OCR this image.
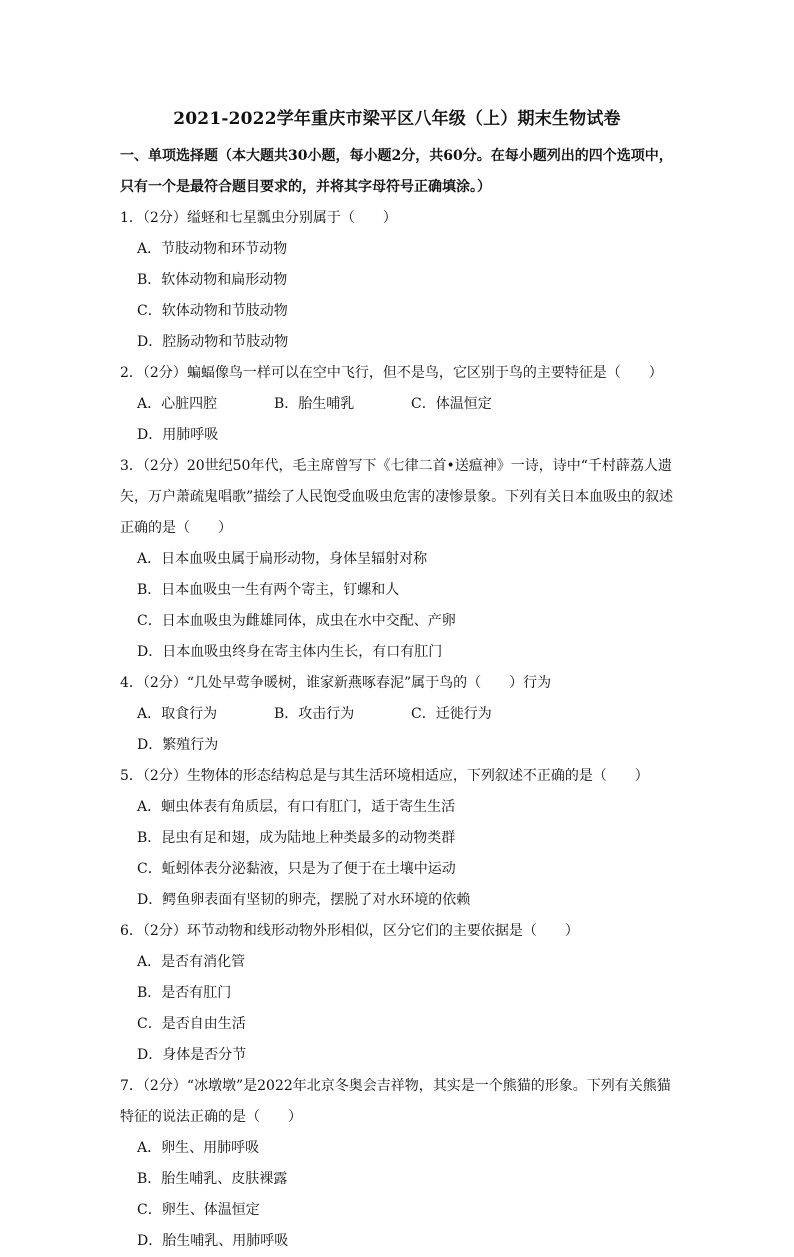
2021-2022学年重庆市梁平区八年级（上）期末生物试卷
一、单项选择题（本大题共30小题，每小题2分，共60分。在每小题列出的四个选项中，只有一个是最符合题目要求的，并将其字母符号正确填涂。）
1．（2分）缢蛏和七星瓢虫分别属于（　　）
A．节肢动物和环节动物
B．软体动物和扁形动物
C．软体动物和节肢动物
D．腔肠动物和节肢动物
2．（2分）蝙蝠像鸟一样可以在空中飞行，但不是鸟，它区别于鸟的主要特征是（　　）
A．心脏四腔	B．胎生哺乳	C．体温恒定
D．用肺呼吸
3．（2分）20世纪50年代，毛主席曾写下《七律二首•送瘟神》一诗，诗中“千村薜荔人遗矢，万户萧疏鬼唱歌”描绘了人民饱受血吸虫危害的凄惨景象。下列有关日本血吸虫的叙述正确的是（　　）
A．日本血吸虫属于扁形动物，身体呈辐射对称
B．日本血吸虫一生有两个寄主，钉螺和人
C．日本血吸虫为雌雄同体，成虫在水中交配、产卵
D．日本血吸虫终身在寄主体内生长，有口有肛门
4．（2分）“几处早莺争暖树，谁家新燕啄春泥”属于鸟的（　　）行为
A．取食行为	B．攻击行为	C．迁徙行为
D．繁殖行为
5．（2分）生物体的形态结构总是与其生活环境相适应，下列叙述不正确的是（　　）
A．蛔虫体表有角质层，有口有肛门，适于寄生生活
B．昆虫有足和翅，成为陆地上种类最多的动物类群
C．蚯蚓体表分泌黏液，只是为了便于在土壤中运动
D．鳄鱼卵表面有坚韧的卵壳，摆脱了对水环境的依赖
6．（2分）环节动物和线形动物外形相似，区分它们的主要依据是（　　）
A．是否有消化管
B．是否有肛门
C．是否自由生活
D．身体是否分节
7．（2分）“冰墩墩”是2022年北京冬奥会吉祥物，其实是一个熊猫的形象。下列有关熊猫特征的说法正确的是（　　）
A．卵生、用肺呼吸
B．胎生哺乳、皮肤裸露
C．卵生、体温恒定
D．胎生哺乳、用肺呼吸
